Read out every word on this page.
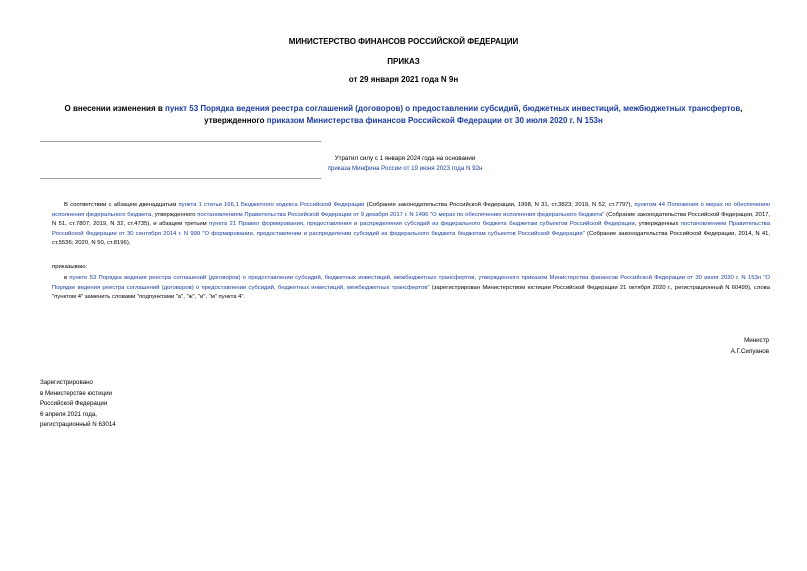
МИНИСТЕРСТВО ФИНАНСОВ РОССИЙСКОЙ ФЕДЕРАЦИИ
ПРИКАЗ
от 29 января 2021 года N 9н
О внесении изменения в пункт 53 Порядка ведения реестра соглашений (договоров) о предоставлении субсидий, бюджетных инвестиций, межбюджетных трансфертов, утвержденного приказом Министерства финансов Российской Федерации от 30 июля 2020 г. N 153н
Утратил силу с 1 января 2024 года на основании
приказа Минфина России от 19 июня 2023 года N 92н
В соответствии с абзацем двенадцатым пункта 1 статьи 166.1 Бюджетного кодекса Российской Федерации (Собрание законодательства Российской Федерации, 1998, N 31, ст.3823; 2019, N 52, ст.7797), пунктом 44 Положения о мерах по обеспечению исполнения федерального бюджета, утвержденного постановлением Правительства Российской Федерации от 9 декабря 2017 г. N 1496 "О мерах по обеспечению исполнения федерального бюджета" (Собрание законодательства Российской Федерации, 2017, N 51, ст.7807; 2019, N 32, ст.4735), и абзацем третьим пункта 21 Правил формирования, предоставления и распределения субсидий из федерального бюджета бюджетам субъектов Российской Федерации, утвержденных постановлением Правительства Российской Федерации от 30 сентября 2014 г. N 999 "О формировании, предоставлении и распределении субсидий из федерального бюджета бюджетам субъектов Российской Федерации" (Собрание законодательства Российской Федерации, 2014, N 41, ст.5536; 2020, N 50, ст.8196),
приказываю:
в пункте 53 Порядка ведения реестра соглашений (договоров) о предоставлении субсидий, бюджетных инвестиций, межбюджетных трансфертов, утвержденного приказом Министерства финансов Российской Федерации от 30 июля 2020 г. N 153н "О Порядке ведения реестра соглашений (договоров) о предоставлении субсидий, бюджетных инвестиций, межбюджетных трансфертов" (зарегистрирован Министерством юстиции Российской Федерации 21 октября 2020 г., регистрационный N 60499), слова "пунктом 4" заменить словами "подпунктами "а", "ж", "и", "м" пункта 4".
Министр
А.Г.Силуанов
Зарегистрировано
в Министерстве юстиции
Российской Федерации
6 апреля 2021 года,
регистрационный N 63014
